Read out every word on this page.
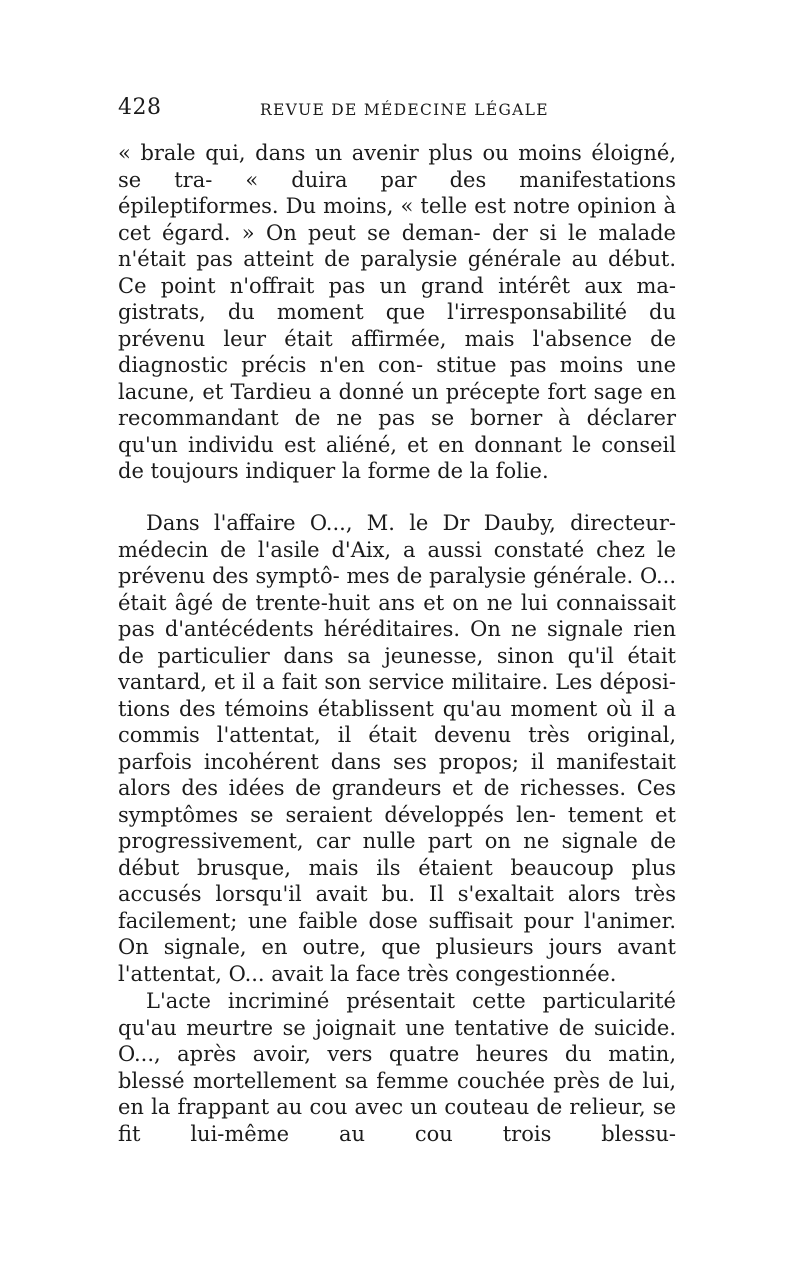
428	REVUE DE MÉDECINE LÉGALE

« brale qui, dans un avenir plus ou moins éloigné, se tra- « duira par des manifestations épileptiformes. Du moins, « telle est notre opinion à cet égard. » On peut se deman- der si le malade n'était pas atteint de paralysie générale au début. Ce point n'offrait pas un grand intérêt aux ma- gistrats, du moment que l'irresponsabilité du prévenu leur était affirmée, mais l'absence de diagnostic précis n'en con- stitue pas moins une lacune, et Tardieu a donné un précepte fort sage en recommandant de ne pas se borner à déclarer qu'un individu est aliéné, et en donnant le conseil de toujours indiquer la forme de la folie.

Dans l'affaire O..., M. le Dr Dauby, directeur-médecin de l'asile d'Aix, a aussi constaté chez le prévenu des symptô- mes de paralysie générale. O... était âgé de trente-huit ans et on ne lui connaissait pas d'antécédents héréditaires. On ne signale rien de particulier dans sa jeunesse, sinon qu'il était vantard, et il a fait son service militaire. Les déposi- tions des témoins établissent qu'au moment où il a commis l'attentat, il était devenu très original, parfois incohérent dans ses propos; il manifestait alors des idées de grandeurs et de richesses. Ces symptômes se seraient développés len- tement et progressivement, car nulle part on ne signale de début brusque, mais ils étaient beaucoup plus accusés lorsqu'il avait bu. Il s'exaltait alors très facilement; une faible dose suffisait pour l'animer. On signale, en outre, que plusieurs jours avant l'attentat, O... avait la face très congestionnée.

L'acte incriminé présentait cette particularité qu'au meurtre se joignait une tentative de suicide. O..., après avoir, vers quatre heures du matin, blessé mortellement sa femme couchée près de lui, en la frappant au cou avec un couteau de relieur, se fit lui-même au cou trois blessu-
